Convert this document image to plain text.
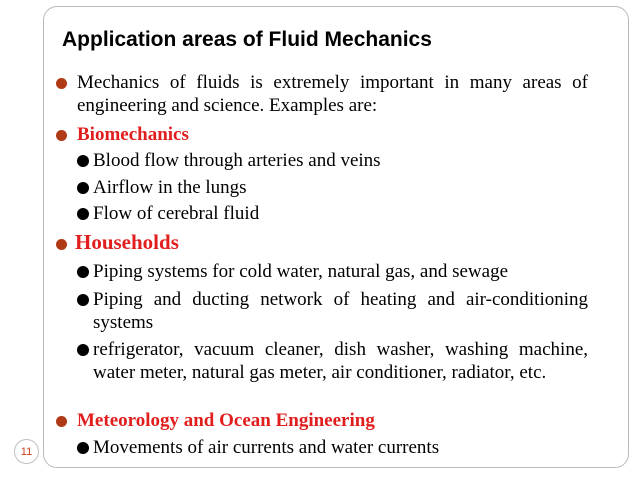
Application areas of Fluid Mechanics
Mechanics of fluids is extremely important in many areas of engineering and science. Examples are:
Biomechanics
Blood flow through arteries and veins
Airflow in the lungs
Flow of cerebral fluid
Households
Piping systems for cold water, natural gas, and sewage
Piping and ducting network of heating and air-conditioning systems
refrigerator, vacuum cleaner, dish washer, washing machine, water meter, natural gas meter, air conditioner, radiator, etc.
Meteorology and Ocean Engineering
Movements of air currents and water currents
11
